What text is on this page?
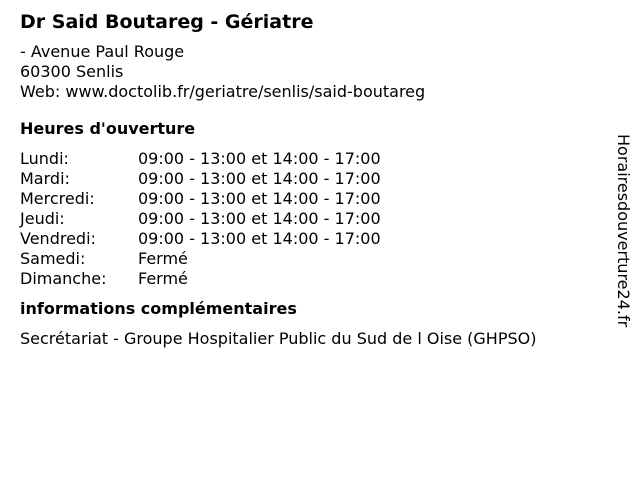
Dr Said Boutareg - Gériatre
- Avenue Paul Rouge
60300 Senlis
Web: www.doctolib.fr/geriatre/senlis/said-boutareg
Heures d'ouverture
Lundi:	09:00 - 13:00 et 14:00 - 17:00
Mardi:	09:00 - 13:00 et 14:00 - 17:00
Mercredi:	09:00 - 13:00 et 14:00 - 17:00
Jeudi:	09:00 - 13:00 et 14:00 - 17:00
Vendredi:	09:00 - 13:00 et 14:00 - 17:00
Samedi:	Fermé
Dimanche:	Fermé
informations complémentaires
Secrétariat - Groupe Hospitalier Public du Sud de l Oise (GHPSO)
Horairesdouverture24.fr
